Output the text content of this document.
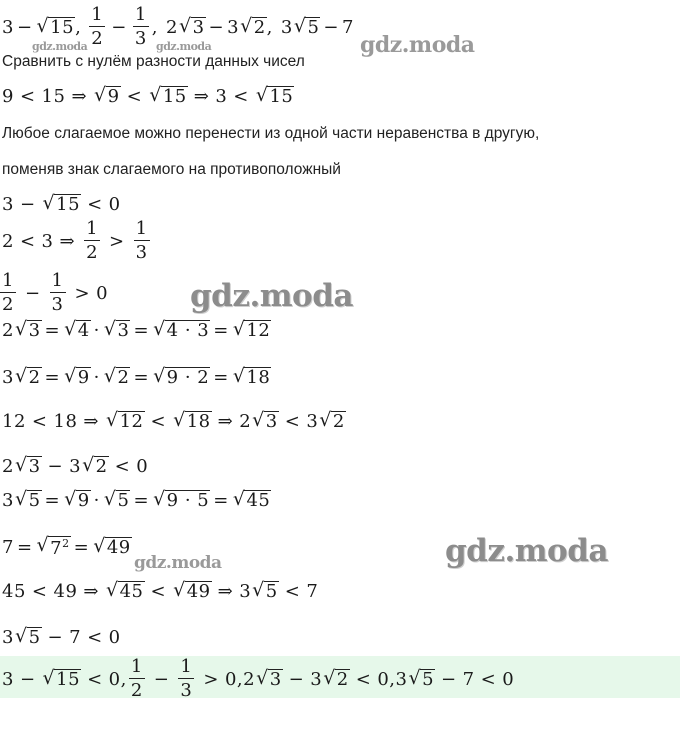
3 − √ 15 , $\frac{1}{2} - \frac{1}{3}$ , 2 √ 3 − 3 √ 2 , 3 √ 5 − 7
gdz.moda	gdz.moda	gdz.moda
Сравнить с нулём разности данных чисел
9 < 15 ⇒ √ 9 < √ 15 ⇒ 3 < √ 15
Любое слагаемое можно перенести из одной части неравенства в другую,
поменяв знак слагаемого на противоположный
3 − √ 15 < 0
2 < 3 ⇒ $\frac{1}{2} > \frac{1}{3}$
$\frac{1}{2} - \frac{1}{3} > 0$	gdz.moda
2 √ 3 = √ 4 · √ 3 = √ 4 · 3 = √ 12
3 √ 2 = √ 9 · √ 2 = √ 9 · 2 = √ 18
12 < 18 ⇒ √ 12 < √ 18 ⇒ 2 √ 3 < 3 √ 2
2 √ 3 − 3 √ 2 < 0
3 √ 5 = √ 9 · √ 5 = √ 9 · 5 = √ 45
7 = √ $7^2$ = √ 49
gdz.moda	gdz.moda
45 < 49 ⇒ √ 45 < √ 49 ⇒ 3 √ 5 < 7
3 √ 5 − 7 < 0
3 − √ 15 < 0 , $\frac{1}{2} - \frac{1}{3} > 0$ , 2 √ 3 − 3 √ 2 < 0 , 3 √ 5 − 7 < 0
